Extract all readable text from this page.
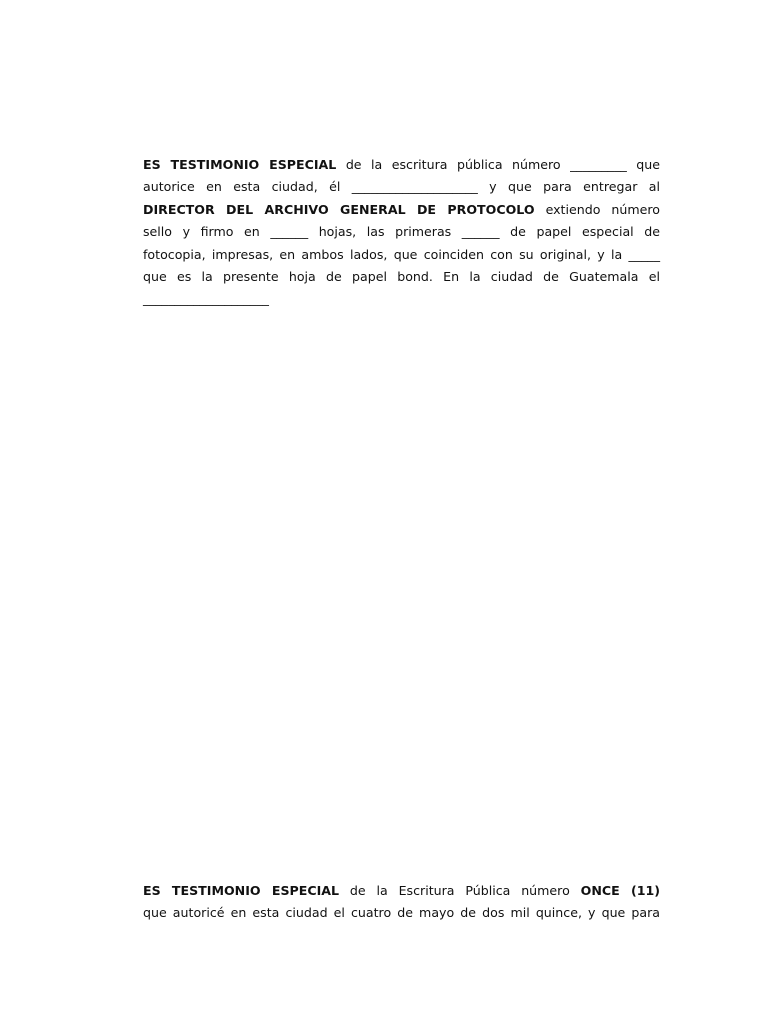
ES TESTIMONIO ESPECIAL de la escritura pública número _________ que
autorice en esta ciudad, él ____________________ y que para entregar al
DIRECTOR DEL ARCHIVO GENERAL DE PROTOCOLO extiendo número
sello y firmo en ______ hojas, las primeras ______ de papel especial de
fotocopia, impresas, en ambos lados, que coinciden con su original, y la _____
que es la presente hoja de papel bond. En la ciudad de Guatemala el
____________________
ES TESTIMONIO ESPECIAL de la Escritura Pública número ONCE (11)
que autoricé en esta ciudad el cuatro de mayo de dos mil quince, y que para
